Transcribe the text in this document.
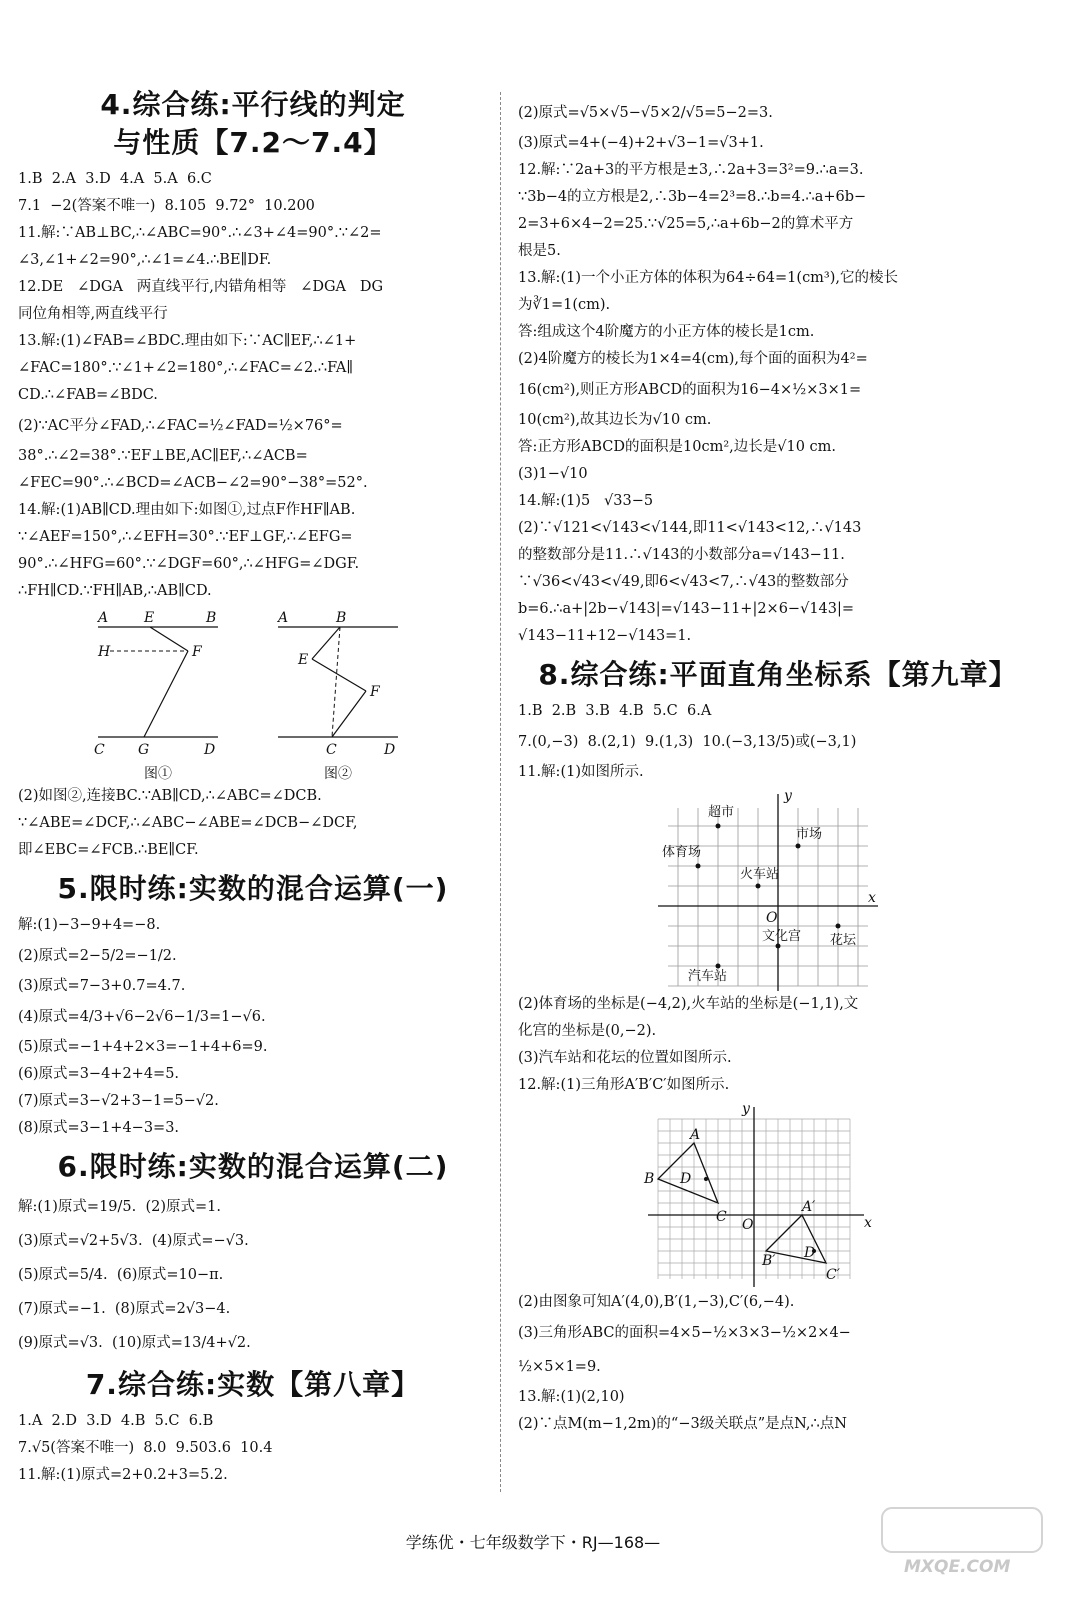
4.综合练:平行线的判定
与性质【7.2～7.4】
1.B  2.A  3.D  4.A  5.A  6.C
7.1  −2(答案不唯一)  8.105  9.72°  10.200
11.解:∵AB⊥BC,∴∠ABC=90°.∴∠3+∠4=90°.∵∠2=
∠3,∠1+∠2=90°,∴∠1=∠4.∴BE∥DF.
12.DE   ∠DGA   两直线平行,内错角相等   ∠DGA   DG
同位角相等,两直线平行
13.解:(1)∠FAB=∠BDC.理由如下:∵AC∥EF,∴∠1+
∠FAC=180°.∵∠1+∠2=180°,∴∠FAC=∠2.∴FA∥
CD.∴∠FAB=∠BDC.
(2)∵AC平分∠FAD,∴∠FAC=½∠FAD=½×76°=
38°.∴∠2=38°.∵EF⊥BE,AC∥EF,∴∠ACB=
∠FEC=90°.∴∠BCD=∠ACB−∠2=90°−38°=52°.
14.解:(1)AB∥CD.理由如下:如图①,过点F作HF∥AB.
∵∠AEF=150°,∴∠EFH=30°.∵EF⊥GF,∴∠EFG=
90°.∴∠HFG=60°.∵∠DGF=60°,∴∠HFG=∠DGF.
∴FH∥CD.∵FH∥AB,∴AB∥CD.
A	E	B
H	F
C G	D
图①
A	B
E
F
C	D
图②
(2)如图②,连接BC.∵AB∥CD,∴∠ABC=∠DCB.
∵∠ABE=∠DCF,∴∠ABC−∠ABE=∠DCB−∠DCF,
即∠EBC=∠FCB.∴BE∥CF.
5.限时练:实数的混合运算(一)
解:(1)−3−9+4=−8.
(2)原式=2−5/2=−1/2.
(3)原式=7−3+0.7=4.7.
(4)原式=4/3+√6−2√6−1/3=1−√6.
(5)原式=−1+4+2×3=−1+4+6=9.
(6)原式=3−4+2+4=5.
(7)原式=3−√2+3−1=5−√2.
(8)原式=3−1+4−3=3.
6.限时练:实数的混合运算(二)
解:(1)原式=19/5.  (2)原式=1.
(3)原式=√2+5√3.  (4)原式=−√3.
(5)原式=5/4.  (6)原式=10−π.
(7)原式=−1.  (8)原式=2√3−4.
(9)原式=√3.  (10)原式=13/4+√2.
7.综合练:实数【第八章】
1.A  2.D  3.D  4.B  5.C  6.B
7.√5(答案不唯一)  8.0  9.503.6  10.4
11.解:(1)原式=2+0.2+3=5.2.
(2)原式=√5×√5−√5×2/√5=5−2=3.
(3)原式=4+(−4)+2+√3−1=√3+1.
12.解:∵2a+3的平方根是±3,∴2a+3=3²=9.∴a=3.
∵3b−4的立方根是2,∴3b−4=2³=8.∴b=4.∴a+6b−
2=3+6×4−2=25.∵√25=5,∴a+6b−2的算术平方
根是5.
13.解:(1)一个小正方体的体积为64÷64=1(cm³),它的棱长
为∛1=1(cm).
答:组成这个4阶魔方的小正方体的棱长是1cm.
(2)4阶魔方的棱长为1×4=4(cm),每个面的面积为4²=
16(cm²),则正方形ABCD的面积为16−4×½×3×1=
10(cm²),故其边长为√10 cm.
答:正方形ABCD的面积是10cm²,边长是√10 cm.
(3)1−√10
14.解:(1)5   √33−5
(2)∵√121<√143<√144,即11<√143<12,∴√143
的整数部分是11.∴√143的小数部分a=√143−11.
∵√36<√43<√49,即6<√43<7,∴√43的整数部分
b=6.∴a+|2b−√143|=√143−11+|2×6−√143|=
√143−11+12−√143=1.
8.综合练:平面直角坐标系【第九章】
1.B  2.B  3.B  4.B  5.C  6.A
7.(0,−3)  8.(2,1)  9.(1,3)  10.(−3,13/5)或(−3,1)
11.解:(1)如图所示.
超市
市场
体育场
火车站
文化宫 花坛
汽车站
x
y
O
(2)体育场的坐标是(−4,2),火车站的坐标是(−1,1),文
化宫的坐标是(0,−2).
(3)汽车站和花坛的位置如图所示.
12.解:(1)三角形A′B′C′如图所示.
A
B
C
D
A′
B′
C′
D
O	x
y
(2)由图象可知A′(4,0),B′(1,−3),C′(6,−4).
(3)三角形ABC的面积=4×5−½×3×3−½×2×4−
½×5×1=9.
13.解:(1)(2,10)
(2)∵点M(m−1,2m)的“−3级关联点”是点N,∴点N
学练优・七年级数学下・RJ—168—
MXQE.COM
